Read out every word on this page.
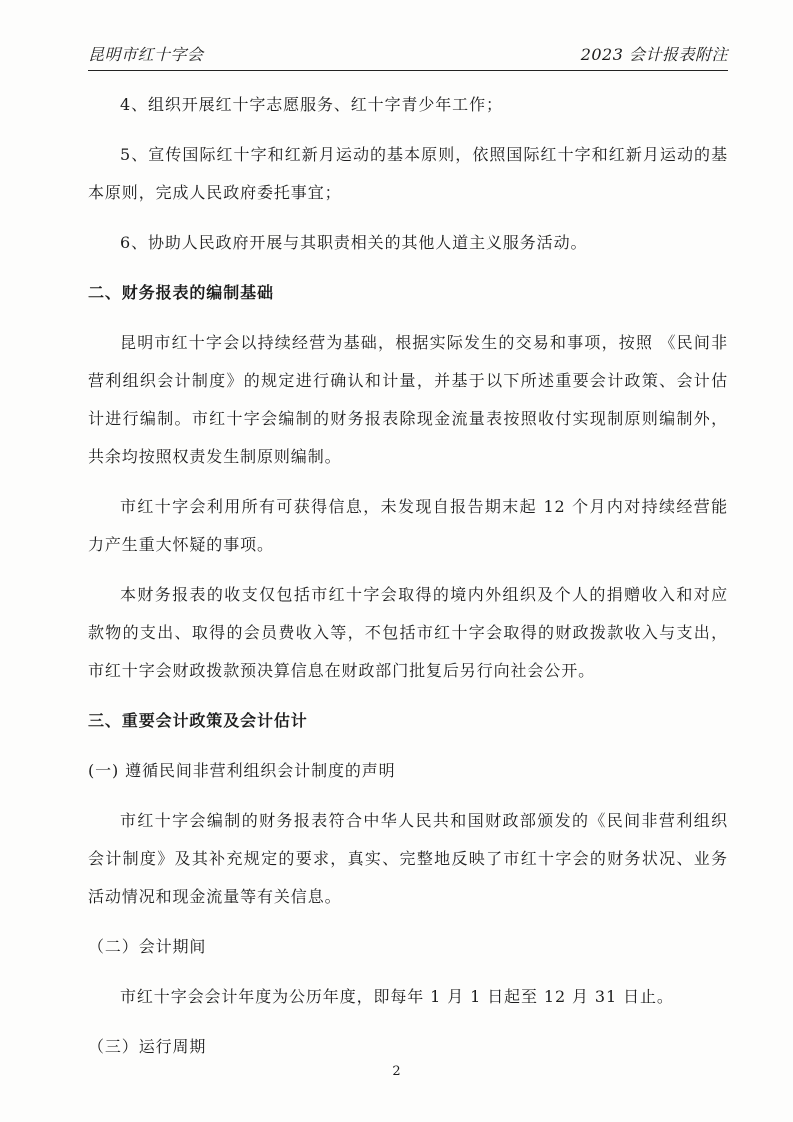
昆明市红十字会	2023 会计报表附注

4、组织开展红十字志愿服务、红十字青少年工作；

5、宣传国际红十字和红新月运动的基本原则，依照国际红十字和红新月运动的基本原则，完成人民政府委托事宜；

6、协助人民政府开展与其职责相关的其他人道主义服务活动。

二、财务报表的编制基础

昆明市红十字会以持续经营为基础，根据实际发生的交易和事项，按照 《民间非营利组织会计制度》的规定进行确认和计量，并基于以下所述重要会计政策、会计估计进行编制。市红十字会编制的财务报表除现金流量表按照收付实现制原则编制外，共余均按照权责发生制原则编制。

市红十字会利用所有可获得信息，未发现自报告期末起 12 个月内对持续经营能力产生重大怀疑的事项。

本财务报表的收支仅包括市红十字会取得的境内外组织及个人的捐赠收入和对应款物的支出、取得的会员费收入等，不包括市红十字会取得的财政拨款收入与支出，市红十字会财政拨款预决算信息在财政部门批复后另行向社会公开。

三、重要会计政策及会计估计

(一) 遵循民间非营利组织会计制度的声明

市红十字会编制的财务报表符合中华人民共和国财政部颁发的《民间非营利组织会计制度》及其补充规定的要求，真实、完整地反映了市红十字会的财务状况、业务活动情况和现金流量等有关信息。

（二）会计期间

市红十字会会计年度为公历年度，即每年 1 月 1 日起至 12 月 31 日止。

（三）运行周期

2
